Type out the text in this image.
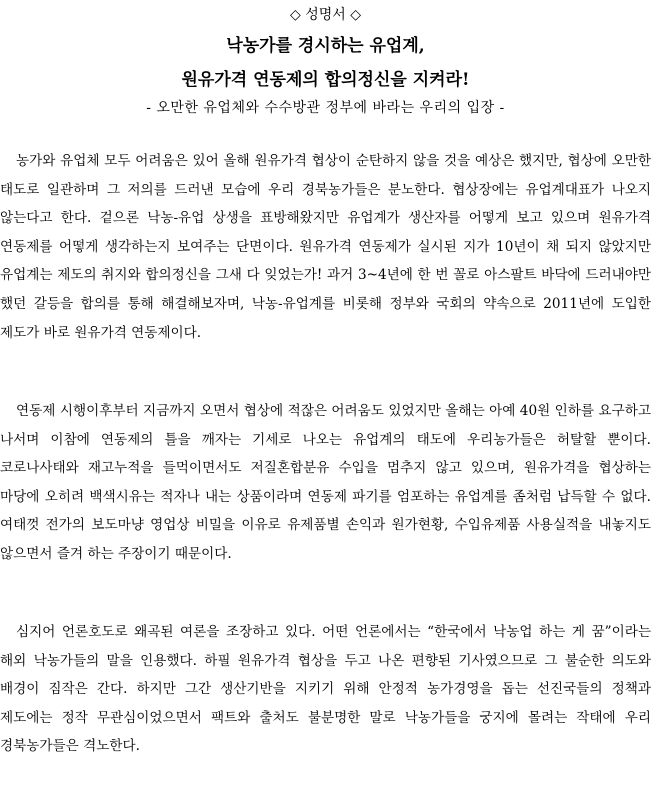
◇ 성명서 ◇
낙농가를 경시하는 유업계,
원유가격 연동제의 합의정신을 지켜라!
- 오만한 유업체와 수수방관 정부에 바라는 우리의 입장 -

농가와 유업체 모두 어려움은 있어 올해 원유가격 협상이 순탄하지 않을 것을 예상은 했지만, 협상에 오만한 태도로 일관하며 그 저의를 드러낸 모습에 우리 경북농가들은 분노한다. 협상장에는 유업계대표가 나오지 않는다고 한다. 겉으론 낙농-유업 상생을 표방해왔지만 유업계가 생산자를 어떻게 보고 있으며 원유가격 연동제를 어떻게 생각하는지 보여주는 단면이다. 원유가격 연동제가 실시된 지가 10년이 채 되지 않았지만 유업계는 제도의 취지와 합의정신을 그새 다 잊었는가! 과거 3~4년에 한 번 꼴로 아스팔트 바닥에 드러내야만 했던 갈등을 합의를 통해 해결해보자며, 낙농-유업계를 비롯해 정부와 국회의 약속으로 2011년에 도입한 제도가 바로 원유가격 연동제이다.

연동제 시행이후부터 지금까지 오면서 협상에 적잖은 어려움도 있었지만 올해는 아예 40원 인하를 요구하고 나서며 이참에 연동제의 틀을 깨자는 기세로 나오는 유업계의 태도에 우리농가들은 허탈할 뿐이다. 코로나사태와 재고누적을 들먹이면서도 저질혼합분유 수입을 멈추지 않고 있으며, 원유가격을 협상하는 마당에 오히려 백색시유는 적자나 내는 상품이라며 연동제 파기를 엄포하는 유업계를 좀처럼 납득할 수 없다. 여태껏 전가의 보도마냥 영업상 비밀을 이유로 유제품별 손익과 원가현황, 수입유제품 사용실적을 내놓지도 않으면서 즐겨 하는 주장이기 때문이다.

심지어 언론호도로 왜곡된 여론을 조장하고 있다. 어떤 언론에서는 “한국에서 낙농업 하는 게 꿈”이라는 해외 낙농가들의 말을 인용했다. 하필 원유가격 협상을 두고 나온 편향된 기사였으므로 그 불순한 의도와 배경이 짐작은 간다. 하지만 그간 생산기반을 지키기 위해 안정적 농가경영을 돕는 선진국들의 정책과 제도에는 정작 무관심이었으면서 팩트와 출처도 불분명한 말로 낙농가들을 궁지에 몰려는 작태에 우리 경북농가들은 격노한다.
